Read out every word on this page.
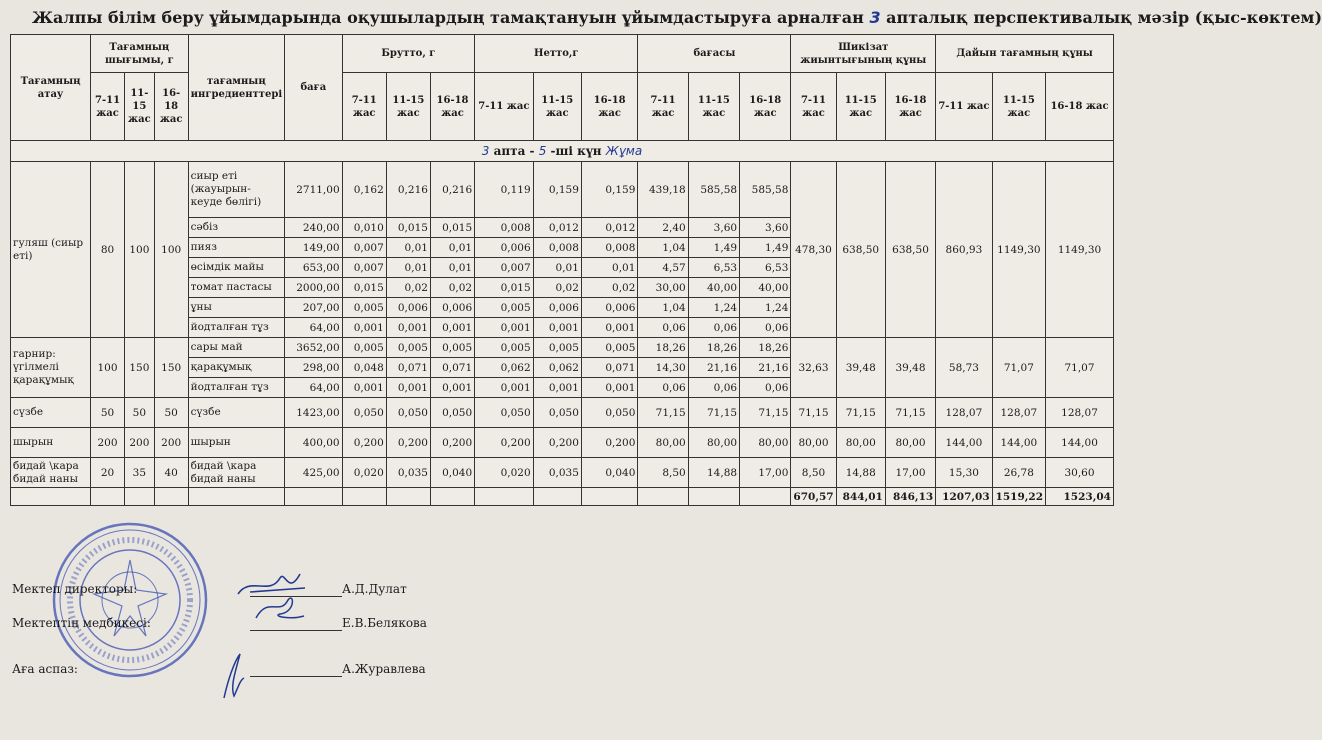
Жалпы білім беру ұйымдарында оқушылардың тамақтануын ұйымдастыруға арналған 3 апталық перспективалық мәзір (қыс-көктем)
Тағамның атау	Тағамның шығымы, г			тағамның ингредиенттері	баға	Брутто, г			Нетто,г			бағасы			Шикізат жиынтығының құны			Дайын тағамның құны		
	7-11 жас	11-15 жас	16-18 жас			7-11 жас	11-15 жас	16-18 жас	7-11 жас	11-15 жас	16-18 жас	7-11 жас	11-15 жас	16-18 жас	7-11 жас	11-15 жас	16-18 жас	7-11 жас	11-15 жас	16-18 жас
3 апта - 5 -ші күн Жұма																				
гуляш (сиыр еті)	80	100	100	сиыр еті (жауырын-кеуде бөлігі)	2711,00	0,162	0,216	0,216	0,119	0,159	0,159	439,18	585,58	585,58	478,30	638,50	638,50	860,93	1149,30	1149,30
				сәбіз	240,00	0,010	0,015	0,015	0,008	0,012	0,012	2,40	3,60	3,60						
				пияз	149,00	0,007	0,01	0,01	0,006	0,008	0,008	1,04	1,49	1,49						
				өсімдік майы	653,00	0,007	0,01	0,01	0,007	0,01	0,01	4,57	6,53	6,53						
				томат пастасы	2000,00	0,015	0,02	0,02	0,015	0,02	0,02	30,00	40,00	40,00						
				ұны	207,00	0,005	0,006	0,006	0,005	0,006	0,006	1,04	1,24	1,24						
				йодталған тұз	64,00	0,001	0,001	0,001	0,001	0,001	0,001	0,06	0,06	0,06						
гарнир: үгілмелі қарақұмық	100	150	150	сары май	3652,00	0,005	0,005	0,005	0,005	0,005	0,005	18,26	18,26	18,26	32,63	39,48	39,48	58,73	71,07	71,07
				қарақұмық	298,00	0,048	0,071	0,071	0,062	0,062	0,071	14,30	21,16	21,16						
				йодталған тұз	64,00	0,001	0,001	0,001	0,001	0,001	0,001	0,06	0,06	0,06						
сүзбе	50	50	50	сүзбе	1423,00	0,050	0,050	0,050	0,050	0,050	0,050	71,15	71,15	71,15	71,15	71,15	71,15	128,07	128,07	128,07
шырын	200	200	200	шырын	400,00	0,200	0,200	0,200	0,200	0,200	0,200	80,00	80,00	80,00	80,00	80,00	80,00	144,00	144,00	144,00
бидай \кара бидай наны	20	35	40	бидай \кара бидай наны	425,00	0,020	0,035	0,040	0,020	0,035	0,040	8,50	14,88	17,00	8,50	14,88	17,00	15,30	26,78	30,60
															670,57	844,01	846,13	1207,03	1519,22	1523,04
Мектеп директоры:	А.Д.Дулат
Мектептің медбикесі:	Е.В.Белякова
Аға аспаз:	А.Журавлева
